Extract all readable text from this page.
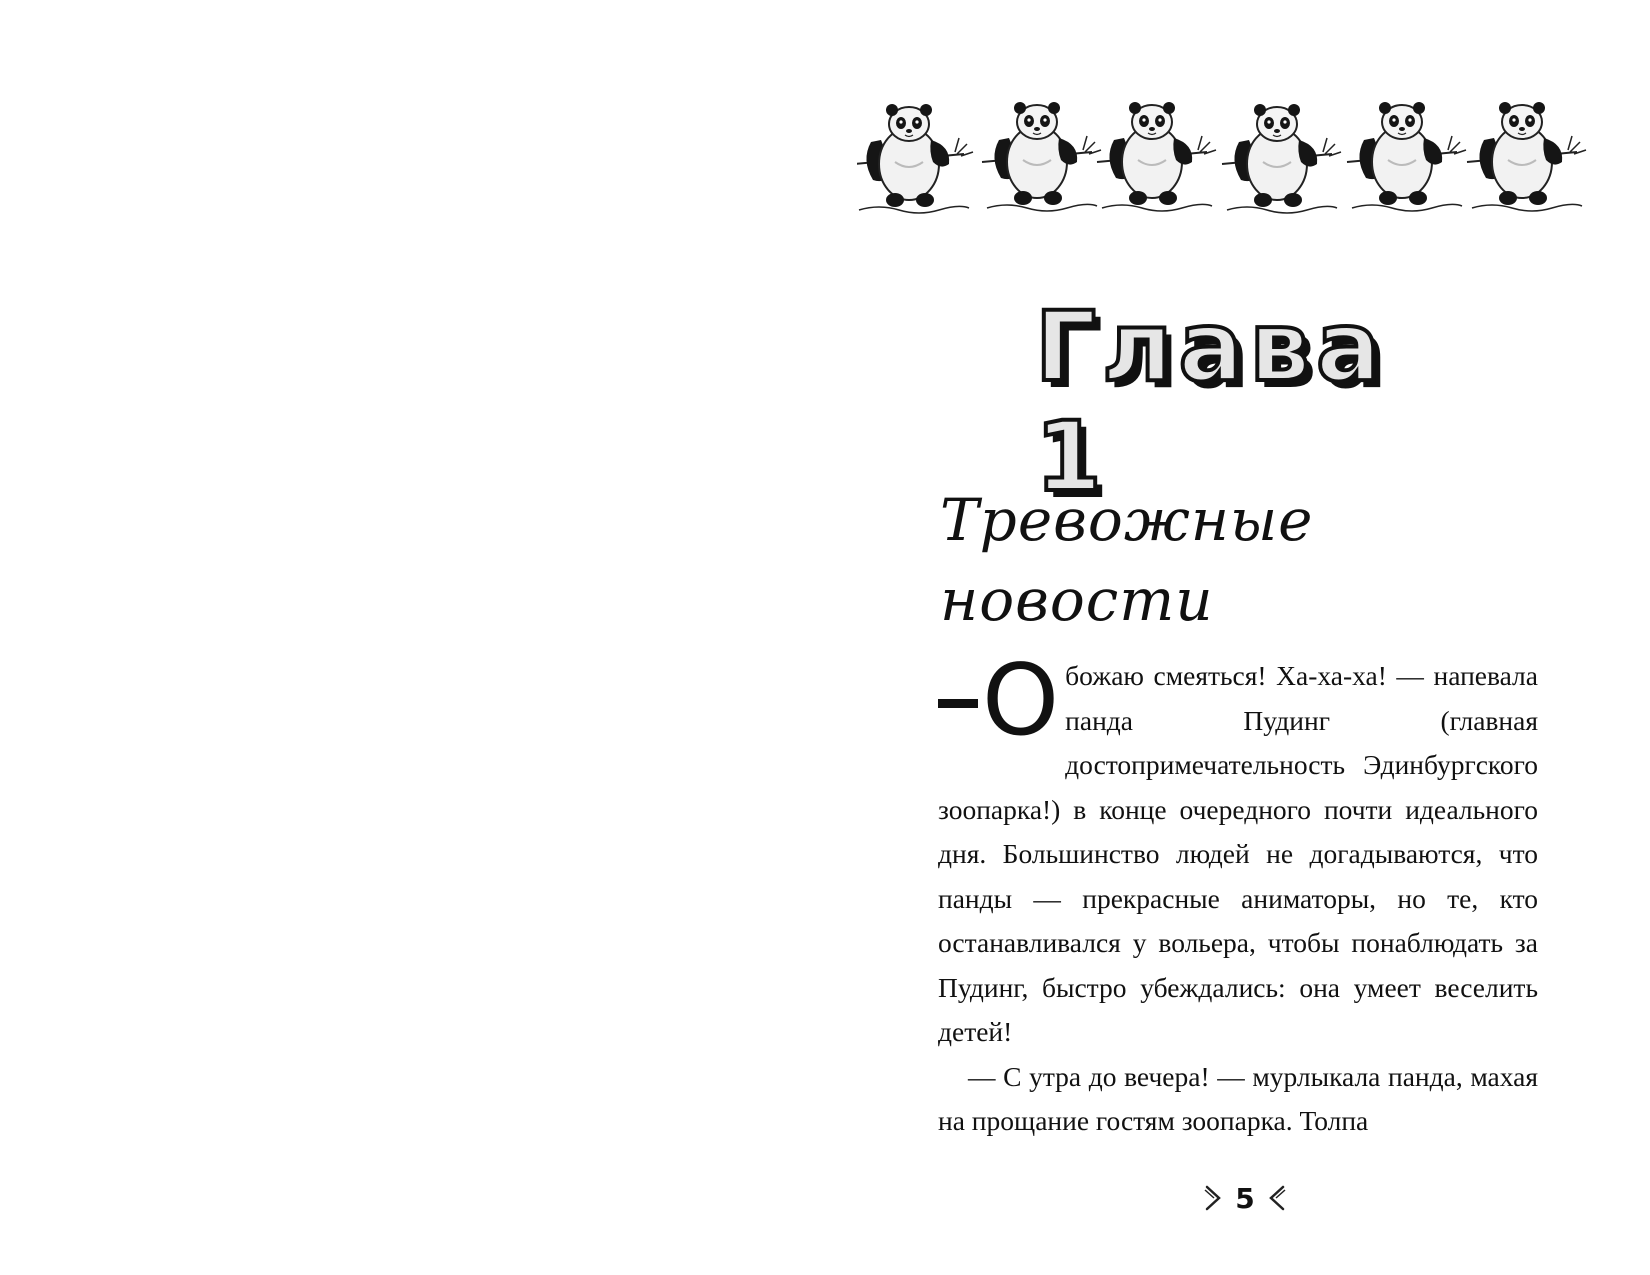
Глава 1
Тревожные новости

Обожаю смеяться! Ха-ха-ха! — напевала панда Пудинг (главная достопримечательность Эдинбургского зоопарка!) в конце очередного почти идеального дня. Большинство людей не догадываются, что панды — прекрасные аниматоры, но те, кто останавливался у вольера, чтобы понаблюдать за Пудинг, быстро убеждались: она умеет веселить детей!

— С утра до вечера! — мурлыкала панда, махая на прощание гостям зоопарка. Толпа

5
